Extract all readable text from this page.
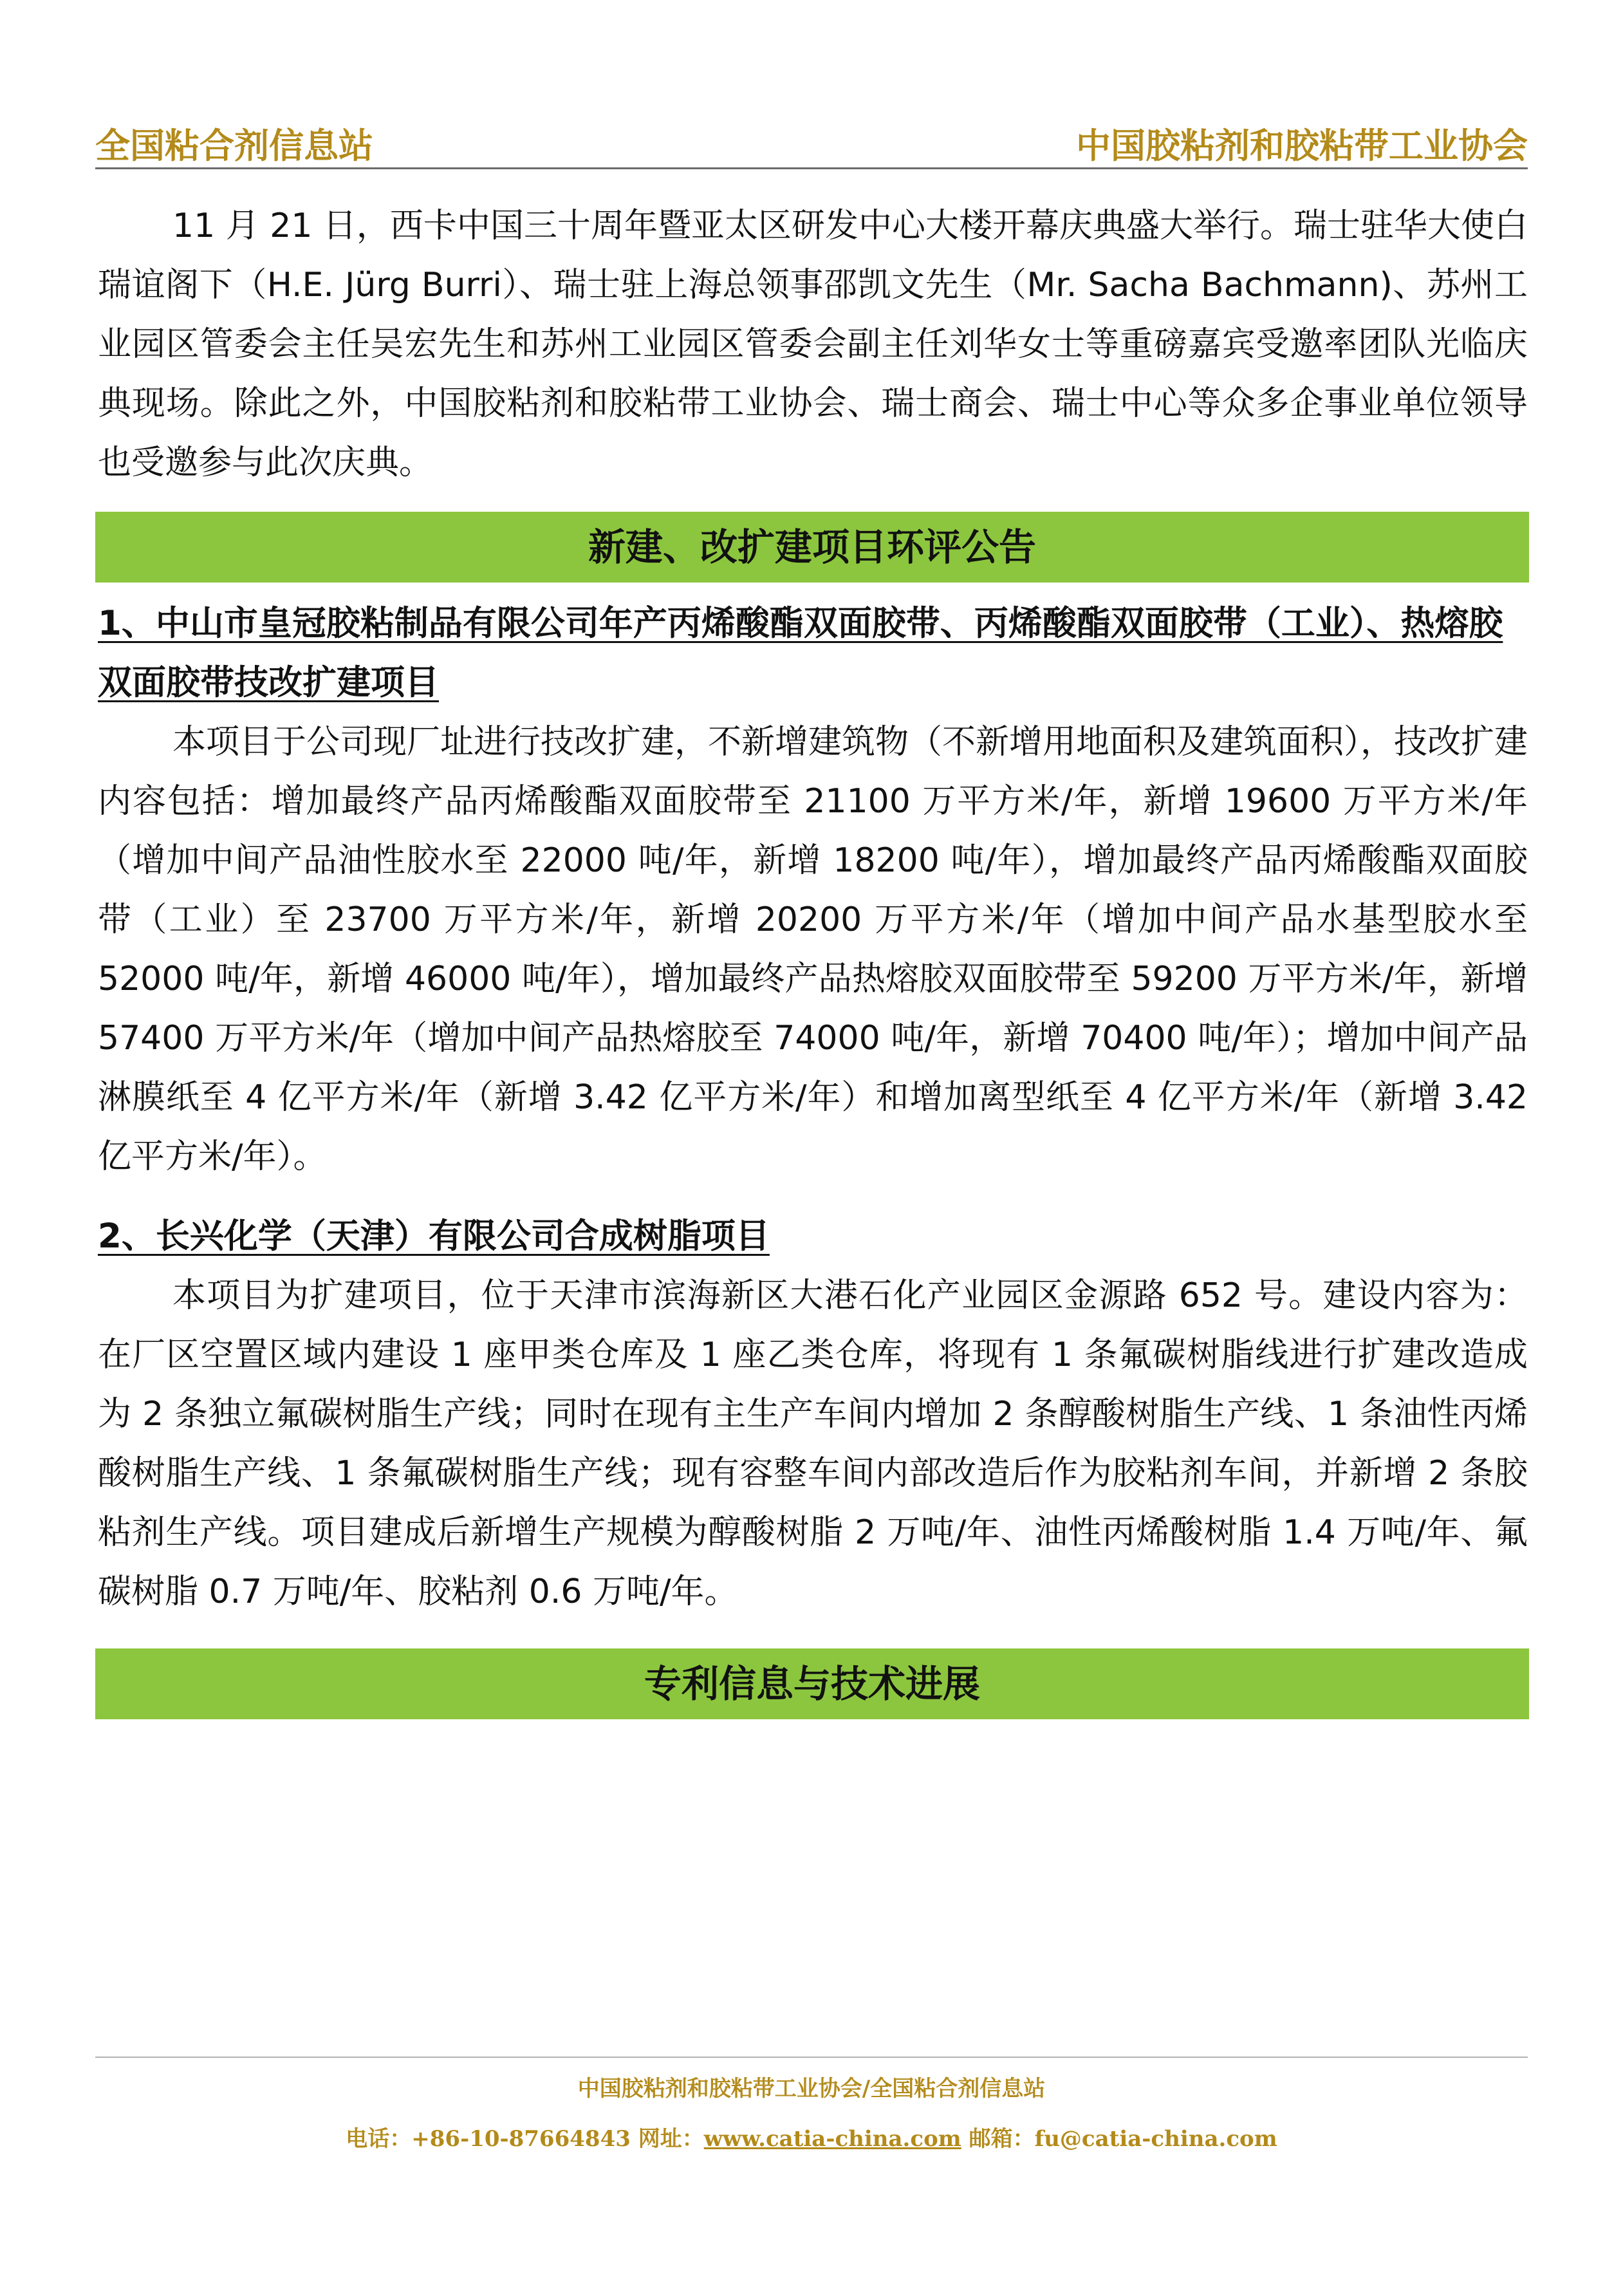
全国粘合剂信息站	中国胶粘剂和胶粘带工业协会

11 月 21 日，西卡中国三十周年暨亚太区研发中心大楼开幕庆典盛大举行。瑞士驻华大使白瑞谊阁下（H.E. Jürg Burri）、瑞士驻上海总领事邵凯文先生（Mr. Sacha Bachmann)、苏州工业园区管委会主任吴宏先生和苏州工业园区管委会副主任刘华女士等重磅嘉宾受邀率团队光临庆典现场。除此之外，中国胶粘剂和胶粘带工业协会、瑞士商会、瑞士中心等众多企事业单位领导也受邀参与此次庆典。

新建、改扩建项目环评公告
1、中山市皇冠胶粘制品有限公司年产丙烯酸酯双面胶带、丙烯酸酯双面胶带（工业）、热熔胶双面胶带技改扩建项目

本项目于公司现厂址进行技改扩建，不新增建筑物（不新增用地面积及建筑面积），技改扩建内容包括：增加最终产品丙烯酸酯双面胶带至 21100 万平方米/年，新增 19600 万平方米/年（增加中间产品油性胶水至 22000 吨/年，新增 18200 吨/年），增加最终产品丙烯酸酯双面胶带（工业）至 23700 万平方米/年，新增 20200 万平方米/年（增加中间产品水基型胶水至 52000 吨/年，新增 46000 吨/年），增加最终产品热熔胶双面胶带至 59200 万平方米/年，新增 57400 万平方米/年（增加中间产品热熔胶至 74000 吨/年，新增 70400 吨/年）；增加中间产品淋膜纸至 4 亿平方米/年（新增 3.42 亿平方米/年）和增加离型纸至 4 亿平方米/年（新增 3.42 亿平方米/年）。

2、长兴化学（天津）有限公司合成树脂项目

本项目为扩建项目，位于天津市滨海新区大港石化产业园区金源路 652 号。建设内容为：在厂区空置区域内建设 1 座甲类仓库及 1 座乙类仓库，将现有 1 条氟碳树脂线进行扩建改造成为 2 条独立氟碳树脂生产线；同时在现有主生产车间内增加 2 条醇酸树脂生产线、1 条油性丙烯酸树脂生产线、1 条氟碳树脂生产线；现有容整车间内部改造后作为胶粘剂车间，并新增 2 条胶粘剂生产线。项目建成后新增生产规模为醇酸树脂 2 万吨/年、油性丙烯酸树脂 1.4 万吨/年、氟碳树脂 0.7 万吨/年、胶粘剂 0.6 万吨/年。

专利信息与技术进展
中国胶粘剂和胶粘带工业协会/全国粘合剂信息站
电话：+86-10-87664843 网址：www.catia-china.com 邮箱：fu@catia-china.com
